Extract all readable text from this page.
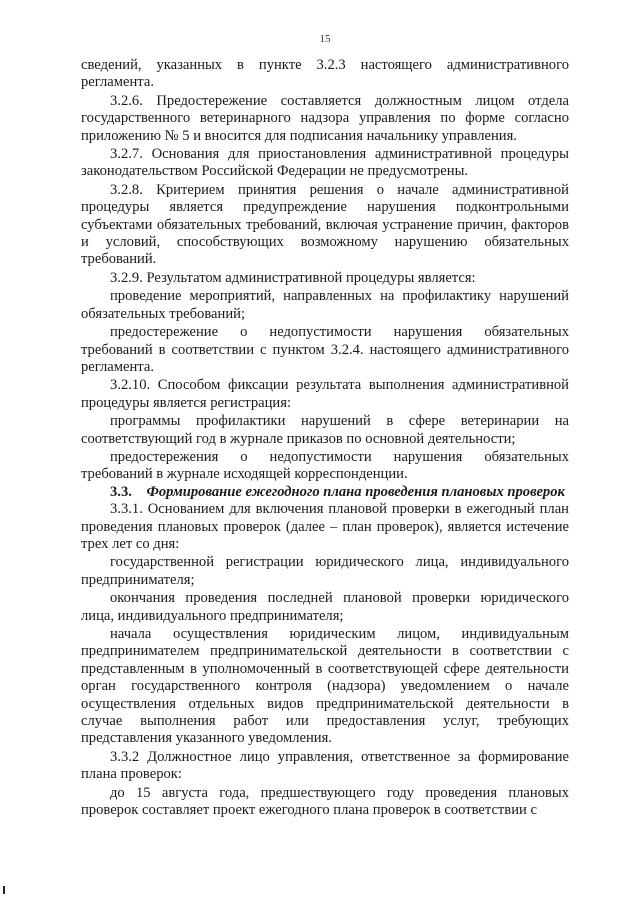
15

сведений, указанных в пункте 3.2.3 настоящего административного регламента.

3.2.6. Предостережение составляется должностным лицом отдела государственного ветеринарного надзора управления по форме согласно приложению № 5 и вносится для подписания начальнику управления.

3.2.7. Основания для приостановления административной процедуры законодательством Российской Федерации не предусмотрены.

3.2.8. Критерием принятия решения о начале административной процедуры является предупреждение нарушения подконтрольными субъектами обязательных требований, включая устранение причин, факторов и условий, способствующих возможному нарушению обязательных требований.

3.2.9. Результатом административной процедуры является:

проведение мероприятий, направленных на профилактику нарушений обязательных требований;

предостережение о недопустимости нарушения обязательных требований в соответствии с пунктом 3.2.4. настоящего административного регламента.

3.2.10. Способом фиксации результата выполнения административной процедуры является регистрация:

программы профилактики нарушений в сфере ветеринарии на соответствующий год в журнале приказов по основной деятельности;

предостережения о недопустимости нарушения обязательных требований в журнале исходящей корреспонденции.

3.3. Формирование ежегодного плана проведения плановых проверок

3.3.1. Основанием для включения плановой проверки в ежегодный план проведения плановых проверок (далее – план проверок), является истечение трех лет со дня:

государственной регистрации юридического лица, индивидуального предпринимателя;

окончания проведения последней плановой проверки юридического лица, индивидуального предпринимателя;

начала осуществления юридическим лицом, индивидуальным предпринимателем предпринимательской деятельности в соответствии с представленным в уполномоченный в соответствующей сфере деятельности орган государственного контроля (надзора) уведомлением о начале осуществления отдельных видов предпринимательской деятельности в случае выполнения работ или предоставления услуг, требующих представления указанного уведомления.

3.3.2 Должностное лицо управления, ответственное за формирование плана проверок:

до 15 августа года, предшествующего году проведения плановых проверок составляет проект ежегодного плана проверок в соответствии с
